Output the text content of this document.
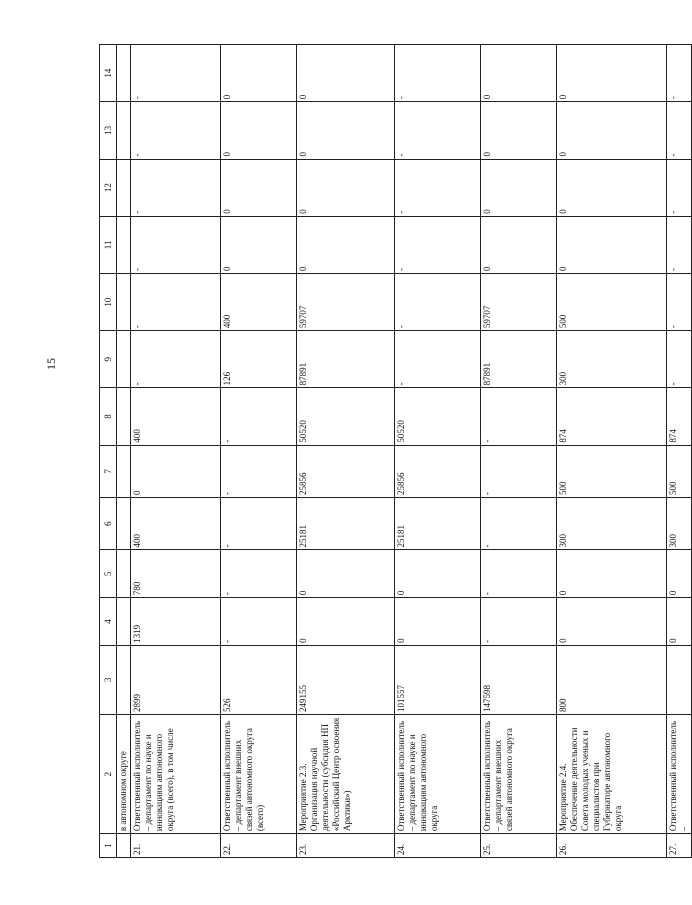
15
1	2	3	4	5	6	7	8	9	10	11	12	13	14
	в автономном округе												
21.	Ответственный исполнитель – департамент по науке и инновациям автономного округа (всего), в том числе	2899	1319	780	400	0	400	-	-	-	-	-	-
22.	Ответственный исполнитель – департамент внешних связей автономного округа (всего)	526	-	-	-	-	-	126	400	0	0	0	0
23.	Мероприятие 2.3. Организация научной деятельности (субсидия НП «Российский Центр освоения Арктики»)	249155	0	0	25181	25856	50520	87891	59707	0	0	0	0
24.	Ответственный исполнитель – департамент по науке и инновациям автономного округа	101557	0	0	25181	25856	50520	-	-	-	-	-	-
25.	Ответственный исполнитель – департамент внешних связей автономного округа	147598	-	-	-	-	-	87891	59707	0	0	0	0
26.	Мероприятие 2.4. Обеспечение деятельности Совета молодых ученых и специалистов при Губернаторе автономного округа	800	0	0	300	500	874	300	500	0	0	0	0
27.	Ответственный исполнитель –		0	0	300	500	874	-	-	-	-	-	-
